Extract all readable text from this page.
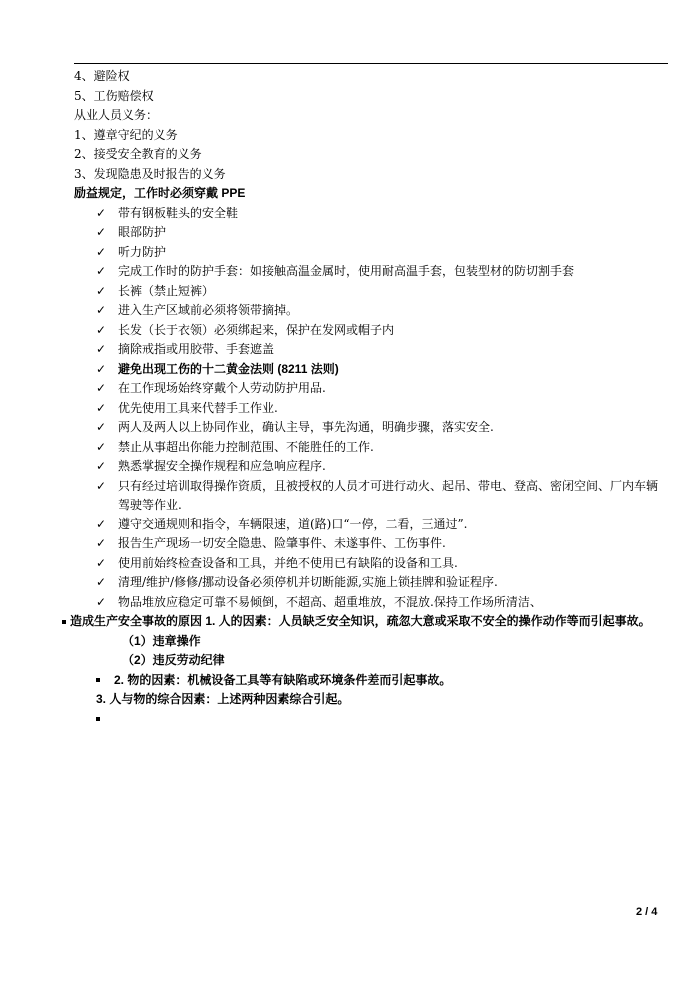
4、避险权
5、工伤赔偿权
从业人员义务：
1、遵章守纪的义务
2、接受安全教育的义务
3、发现隐患及时报告的义务
励益规定，工作时必须穿戴 PPE
✓ 带有钢板鞋头的安全鞋
✓ 眼部防护
✓ 听力防护
✓ 完成工作时的防护手套：如接触高温金属时，使用耐高温手套，包装型材的防切割手套
✓ 长裤（禁止短裤）
✓ 进入生产区域前必须将领带摘掉。
✓ 长发（长于衣领）必须绑起来，保护在发网或帽子内
✓ 摘除戒指或用胶带、手套遮盖
✓ 避免出现工伤的十二黄金法则 (8211 法则)
✓ 在工作现场始终穿戴个人劳动防护用品.
✓ 优先使用工具来代替手工作业.
✓ 两人及两人以上协同作业，确认主导，事先沟通，明确步骤，落实安全.
✓ 禁止从事超出你能力控制范围、不能胜任的工作.
✓ 熟悉掌握安全操作规程和应急响应程序.
✓ 只有经过培训取得操作资质，且被授权的人员才可进行动火、起吊、带电、登高、密闭空间、厂内车辆驾驶等作业.
✓ 遵守交通规则和指令，车辆限速，道(路)口“一停，二看，三通过”.
✓ 报告生产现场一切安全隐患、险肇事件、未遂事件、工伤事件.
✓ 使用前始终检查设备和工具，并绝不使用已有缺陷的设备和工具.
✓ 清理/维护/修修/挪动设备必须停机并切断能源,实施上锁挂牌和验证程序.
✓ 物品堆放应稳定可靠不易倾倒，不超高、超重堆放，不混放.保持工作场所清洁、
造成生产安全事故的原因 1. 人的因素：人员缺乏安全知识，疏忽大意或采取不安全的操作动作等而引起事故。
（1）违章操作
（2）违反劳动纪律
2. 物的因素：机械设备工具等有缺陷或环境条件差而引起事故。
3. 人与物的综合因素：上述两种因素综合引起。
2 / 4
